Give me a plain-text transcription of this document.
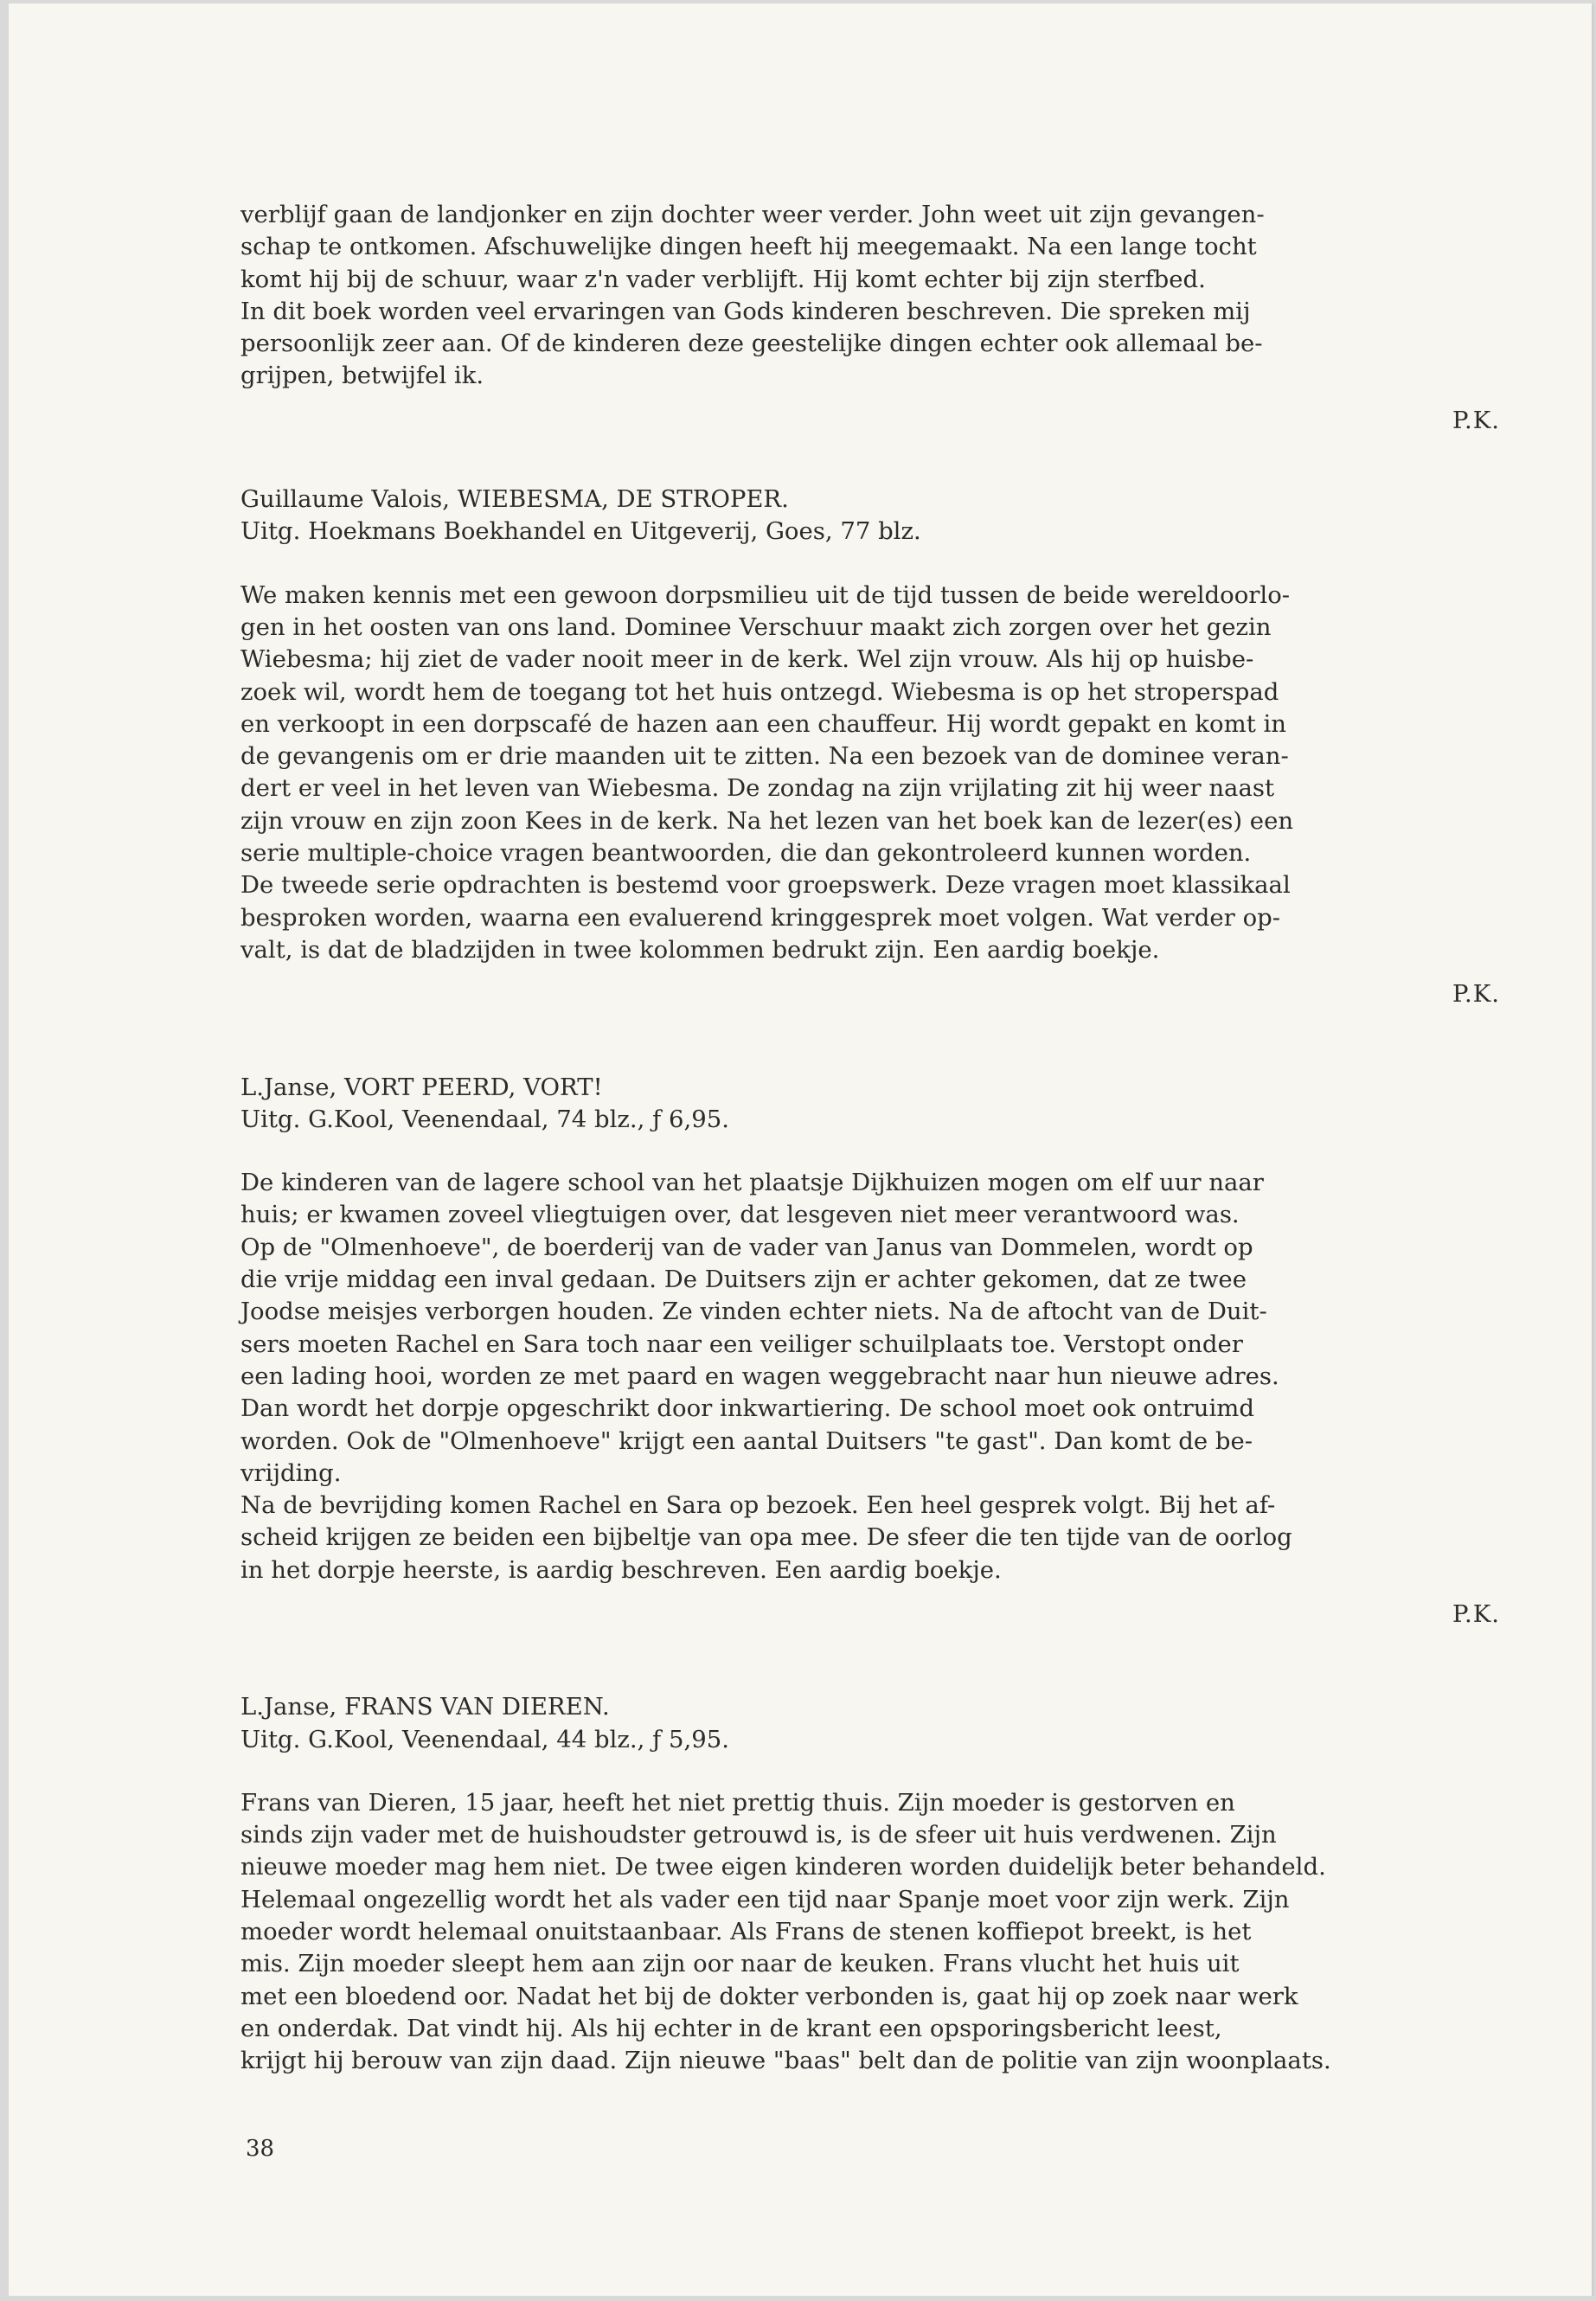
verblijf gaan de landjonker en zijn dochter weer verder. John weet uit zijn gevangen-

schap te ontkomen. Afschuwelijke dingen heeft hij meegemaakt. Na een lange tocht

komt hij bij de schuur, waar z'n vader verblijft. Hij komt echter bij zijn sterfbed.

In dit boek worden veel ervaringen van Gods kinderen beschreven. Die spreken mij

persoonlijk zeer aan. Of de kinderen deze geestelijke dingen echter ook allemaal be-

grijpen, betwijfel ik.

P.K.

Guillaume Valois, WIEBESMA, DE STROPER.

Uitg. Hoekmans Boekhandel en Uitgeverij, Goes, 77 blz.

We maken kennis met een gewoon dorpsmilieu uit de tijd tussen de beide wereldoorlo-

gen in het oosten van ons land. Dominee Verschuur maakt zich zorgen over het gezin

Wiebesma; hij ziet de vader nooit meer in de kerk. Wel zijn vrouw. Als hij op huisbe-

zoek wil, wordt hem de toegang tot het huis ontzegd. Wiebesma is op het stroperspad

en verkoopt in een dorpscafé de hazen aan een chauffeur. Hij wordt gepakt en komt in

de gevangenis om er drie maanden uit te zitten. Na een bezoek van de dominee veran-

dert er veel in het leven van Wiebesma. De zondag na zijn vrijlating zit hij weer naast

zijn vrouw en zijn zoon Kees in de kerk. Na het lezen van het boek kan de lezer(es) een

serie multiple-choice vragen beantwoorden, die dan gekontroleerd kunnen worden.

De tweede serie opdrachten is bestemd voor groepswerk. Deze vragen moet klassikaal

besproken worden, waarna een evaluerend kringgesprek moet volgen. Wat verder op-

valt, is dat de bladzijden in twee kolommen bedrukt zijn. Een aardig boekje.

P.K.

L.Janse, VORT PEERD, VORT!

Uitg. G.Kool, Veenendaal, 74 blz., ƒ 6,95.

De kinderen van de lagere school van het plaatsje Dijkhuizen mogen om elf uur naar

huis; er kwamen zoveel vliegtuigen over, dat lesgeven niet meer verantwoord was.

Op de "Olmenhoeve", de boerderij van de vader van Janus van Dommelen, wordt op

die vrije middag een inval gedaan. De Duitsers zijn er achter gekomen, dat ze twee

Joodse meisjes verborgen houden. Ze vinden echter niets. Na de aftocht van de Duit-

sers moeten Rachel en Sara toch naar een veiliger schuilplaats toe. Verstopt onder

een lading hooi, worden ze met paard en wagen weggebracht naar hun nieuwe adres.

Dan wordt het dorpje opgeschrikt door inkwartiering. De school moet ook ontruimd

worden. Ook de "Olmenhoeve" krijgt een aantal Duitsers "te gast". Dan komt de be-

vrijding.

Na de bevrijding komen Rachel en Sara op bezoek. Een heel gesprek volgt. Bij het af-

scheid krijgen ze beiden een bijbeltje van opa mee. De sfeer die ten tijde van de oorlog

in het dorpje heerste, is aardig beschreven. Een aardig boekje.

P.K.

L.Janse, FRANS VAN DIEREN.

Uitg. G.Kool, Veenendaal, 44 blz., ƒ 5,95.

Frans van Dieren, 15 jaar, heeft het niet prettig thuis. Zijn moeder is gestorven en

sinds zijn vader met de huishoudster getrouwd is, is de sfeer uit huis verdwenen. Zijn

nieuwe moeder mag hem niet. De twee eigen kinderen worden duidelijk beter behandeld.

Helemaal ongezellig wordt het als vader een tijd naar Spanje moet voor zijn werk. Zijn

moeder wordt helemaal onuitstaanbaar. Als Frans de stenen koffiepot breekt, is het

mis. Zijn moeder sleept hem aan zijn oor naar de keuken. Frans vlucht het huis uit

met een bloedend oor. Nadat het bij de dokter verbonden is, gaat hij op zoek naar werk

en onderdak. Dat vindt hij. Als hij echter in de krant een opsporingsbericht leest,

krijgt hij berouw van zijn daad. Zijn nieuwe "baas" belt dan de politie van zijn woonplaats.

38
